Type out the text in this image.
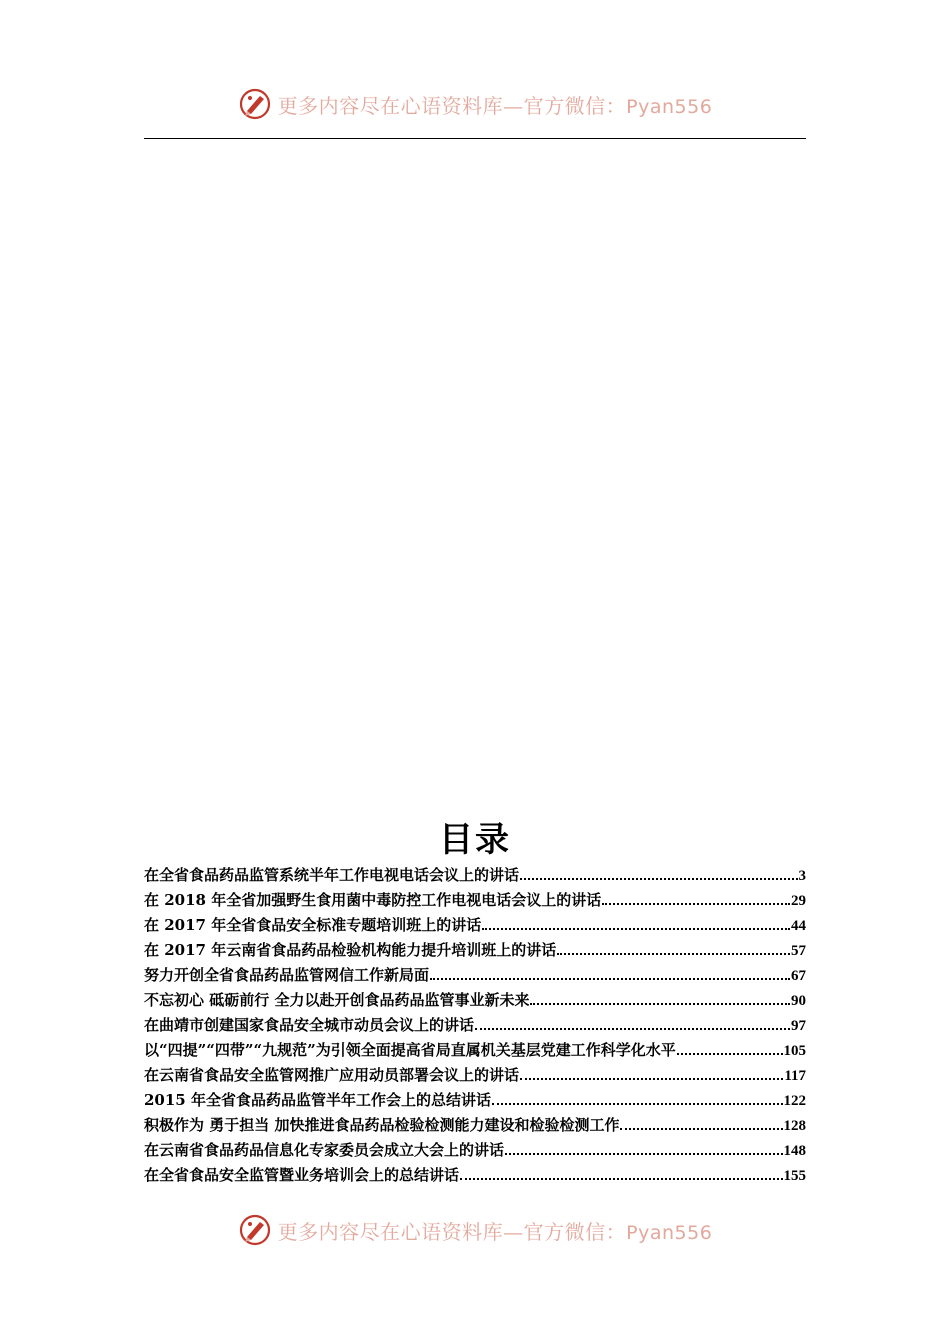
更多内容尽在心语资料库—官方微信：Pyan556
目录
在全省食品药品监管系统半年工作电视电话会议上的讲话	3
在 2018 年全省加强野生食用菌中毒防控工作电视电话会议上的讲话	29
在 2017 年全省食品安全标准专题培训班上的讲话	44
在 2017 年云南省食品药品检验机构能力提升培训班上的讲话	57
努力开创全省食品药品监管网信工作新局面	67
不忘初心 砥砺前行 全力以赴开创食品药品监管事业新未来	90
在曲靖市创建国家食品安全城市动员会议上的讲话	97
以“四提”“四带”“九规范”为引领全面提高省局直属机关基层党建工作科学化水平	105
在云南省食品安全监管网推广应用动员部署会议上的讲话	117
2015 年全省食品药品监管半年工作会上的总结讲话	122
积极作为 勇于担当 加快推进食品药品检验检测能力建设和检验检测工作	128
在云南省食品药品信息化专家委员会成立大会上的讲话	148
在全省食品安全监管暨业务培训会上的总结讲话	155
更多内容尽在心语资料库—官方微信：Pyan556
